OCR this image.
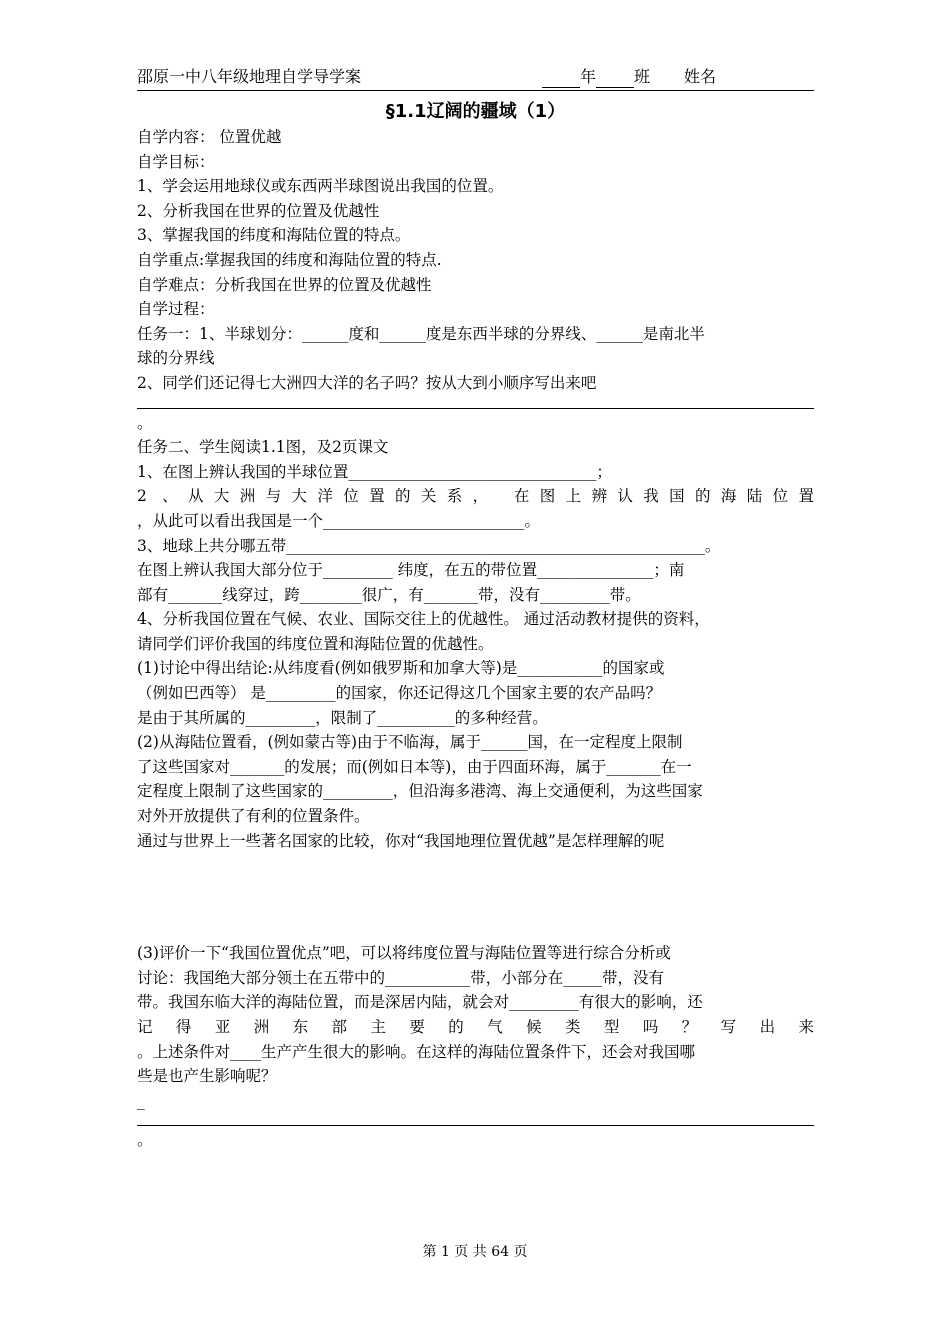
邵原一中八年级地理自学导学案	年 班 姓名
§1.1辽阔的疆域（1）
自学内容： 位置优越
自学目标：
1、学会运用地球仪或东西两半球图说出我国的位置。
2、分析我国在世界的位置及优越性
3、掌握我国的纬度和海陆位置的特点。
自学重点:掌握我国的纬度和海陆位置的特点.
自学难点：分析我国在世界的位置及优越性
自学过程：
任务一：1、半球划分：______度和______度是东西半球的分界线、______是南北半
球的分界线
2、同学们还记得七大洲四大洋的名子吗？按从大到小顺序写出来吧
。
任务二、学生阅读1.1图，及2页课文
1、在图上辨认我国的半球位置________________________________；
2 、从大洲与大洋位置的关系， 在图上辨认我国的海陆位置
，从此可以看出我国是一个__________________________。
3、地球上共分哪五带______________________________________________________。
在图上辨认我国大部分位于_________ 纬度，在五的带位置_______________；南
部有_______线穿过，跨________很广，有_______带，没有_________带。
4、分析我国位置在气候、农业、国际交往上的优越性。 通过活动教材提供的资料，
请同学们评价我国的纬度位置和海陆位置的优越性。
(1)讨论中得出结论:从纬度看(例如俄罗斯和加拿大等)是___________的国家或
（例如巴西等） 是_________的国家，你还记得这几个国家主要的农产品吗？
是由于其所属的_________，限制了__________的多种经营。
(2)从海陆位置看，(例如蒙古等)由于不临海，属于______国，在一定程度上限制
了这些国家对_______的发展；而(例如日本等)，由于四面环海，属于_______在一
定程度上限制了这些国家的_________，但沿海多港湾、海上交通便利，为这些国家
对外开放提供了有利的位置条件。
通过与世界上一些著名国家的比较，你对“我国地理位置优越”是怎样理解的呢
(3)评价一下“我国位置优点”吧，可以将纬度位置与海陆位置等进行综合分析或
讨论：我国绝大部分领土在五带中的___________带，小部分在_____带，没有
带。我国东临大洋的海陆位置，而是深居内陆，就会对_________有很大的影响，还
记得亚洲东部主要的气候类型吗？写出来
。上述条件对____生产产生很大的影响。在这样的海陆位置条件下，还会对我国哪
些是也产生影响呢？
_
。
第 1 页 共 64 页
